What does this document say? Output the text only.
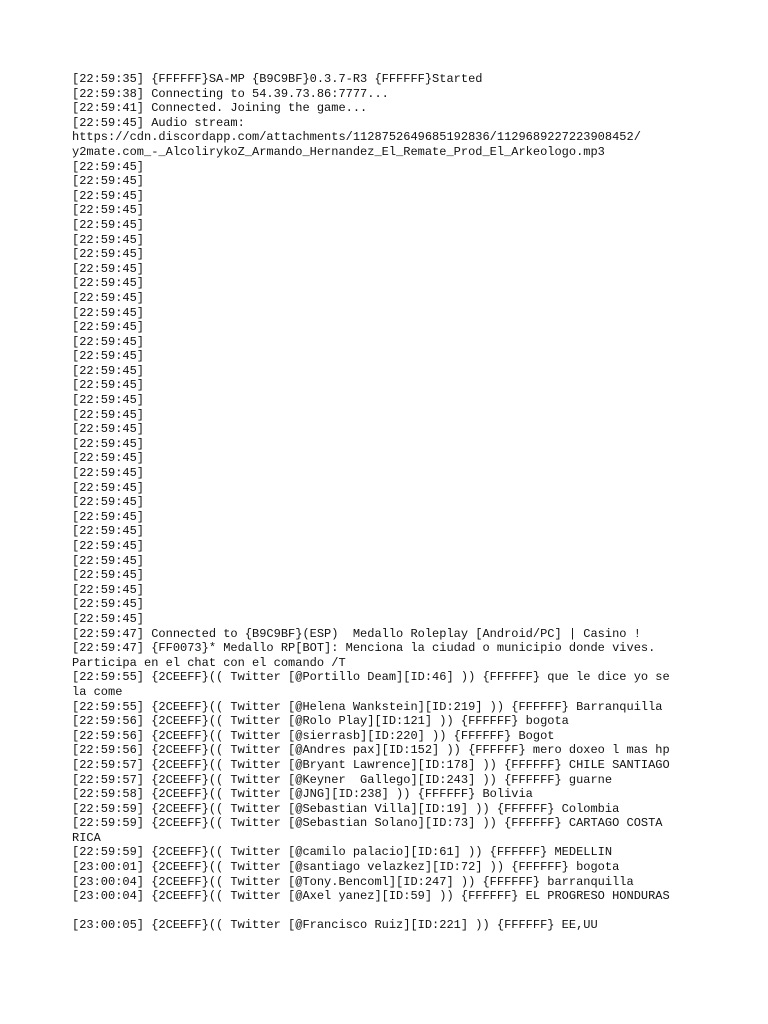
[22:59:35] {FFFFFF}SA-MP {B9C9BF}0.3.7-R3 {FFFFFF}Started
[22:59:38] Connecting to 54.39.73.86:7777...
[22:59:41] Connected. Joining the game...
[22:59:45] Audio stream:
https://cdn.discordapp.com/attachments/1128752649685192836/1129689227223908452/
y2mate.com_-_AlcolirykoZ_Armando_Hernandez_El_Remate_Prod_El_Arkeologo.mp3
[22:59:45]
[22:59:45]
[22:59:45]
[22:59:45]
[22:59:45]
[22:59:45]
[22:59:45]
[22:59:45]
[22:59:45]
[22:59:45]
[22:59:45]
[22:59:45]
[22:59:45]
[22:59:45]
[22:59:45]
[22:59:45]
[22:59:45]
[22:59:45]
[22:59:45]
[22:59:45]
[22:59:45]
[22:59:45]
[22:59:45]
[22:59:45]
[22:59:45]
[22:59:45]
[22:59:45]
[22:59:45]
[22:59:45]
[22:59:45]
[22:59:45]
[22:59:45]
[22:59:47] Connected to {B9C9BF}(ESP)  Medallo Roleplay [Android/PC] | Casino !
[22:59:47] {FF0073}* Medallo RP[BOT]: Menciona la ciudad o municipio donde vives.
Participa en el chat con el comando /T
[22:59:55] {2CEEFF}(( Twitter [@Portillo Deam][ID:46] )) {FFFFFF} que le dice yo se
la come
[22:59:55] {2CEEFF}(( Twitter [@Helena Wankstein][ID:219] )) {FFFFFF} Barranquilla
[22:59:56] {2CEEFF}(( Twitter [@Rolo Play][ID:121] )) {FFFFFF} bogota
[22:59:56] {2CEEFF}(( Twitter [@sierrasb][ID:220] )) {FFFFFF} Bogot
[22:59:56] {2CEEFF}(( Twitter [@Andres pax][ID:152] )) {FFFFFF} mero doxeo l mas hp
[22:59:57] {2CEEFF}(( Twitter [@Bryant Lawrence][ID:178] )) {FFFFFF} CHILE SANTIAGO
[22:59:57] {2CEEFF}(( Twitter [@Keyner  Gallego][ID:243] )) {FFFFFF} guarne
[22:59:58] {2CEEFF}(( Twitter [@JNG][ID:238] )) {FFFFFF} Bolivia
[22:59:59] {2CEEFF}(( Twitter [@Sebastian Villa][ID:19] )) {FFFFFF} Colombia
[22:59:59] {2CEEFF}(( Twitter [@Sebastian Solano][ID:73] )) {FFFFFF} CARTAGO COSTA
RICA
[22:59:59] {2CEEFF}(( Twitter [@camilo palacio][ID:61] )) {FFFFFF} MEDELLIN
[23:00:01] {2CEEFF}(( Twitter [@santiago velazkez][ID:72] )) {FFFFFF} bogota
[23:00:04] {2CEEFF}(( Twitter [@Tony.Bencoml][ID:247] )) {FFFFFF} barranquilla
[23:00:04] {2CEEFF}(( Twitter [@Axel yanez][ID:59] )) {FFFFFF} EL PROGRESO HONDURAS
[23:00:05] {2CEEFF}(( Twitter [@Francisco Ruiz][ID:221] )) {FFFFFF} EE,UU
